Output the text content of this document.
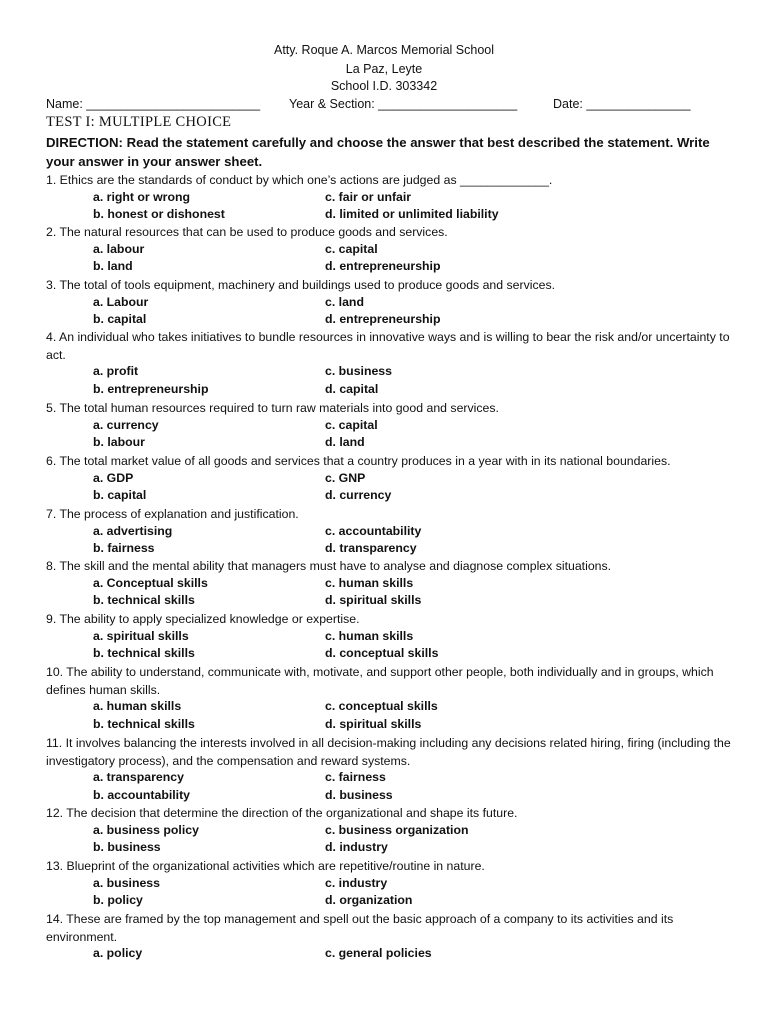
Atty. Roque A. Marcos Memorial School
La Paz, Leyte
School I.D. 303342
Name: _________________________ Year & Section: ____________________	Date: _______________
TEST I: MULTIPLE CHOICE
DIRECTION: Read the statement carefully and choose the answer that best described the statement. Write your answer in your answer sheet.
1. Ethics are the standards of conduct by which one’s actions are judged as _____________.
a. right or wrong	c. fair or unfair
b. honest or dishonest	d. limited or unlimited liability
2. The natural resources that can be used to produce goods and services.
a. labour	c. capital
b. land	d. entrepreneurship
3. The total of tools equipment, machinery and buildings used to produce goods and services.
a. Labour	c. land
b. capital	d. entrepreneurship
4. An individual who takes initiatives to bundle resources in innovative ways and is willing to bear the risk and/or uncertainty to act.
a. profit	c. business
b. entrepreneurship	d. capital
5. The total human resources required to turn raw materials into good and services.
a. currency	c. capital
b. labour	d. land
6. The total market value of all goods and services that a country produces in a year with in its national boundaries.
a. GDP	c. GNP
b. capital	d. currency
7. The process of explanation and justification.
a. advertising	c. accountability
b. fairness	d. transparency
8. The skill and the mental ability that managers must have to analyse and diagnose complex situations.
a. Conceptual skills	c. human skills
b. technical skills	d. spiritual skills
9. The ability to apply specialized knowledge or expertise.
a. spiritual skills	c. human skills
b. technical skills	d. conceptual skills
10. The ability to understand, communicate with, motivate, and support other people, both individually and in groups, which defines human skills.
a. human skills	c. conceptual skills
b. technical skills	d. spiritual skills
11. It involves balancing the interests involved in all decision-making including any decisions related hiring, firing (including the investigatory process), and the compensation and reward systems.
a. transparency	c. fairness
b. accountability	d. business
12. The decision that determine the direction of the organizational and shape its future.
a. business policy	c. business organization
b. business	d. industry
13. Blueprint of the organizational activities which are repetitive/routine in nature.
a. business	c. industry
b. policy	d. organization
14. These are framed by the top management and spell out the basic approach of a company to its activities and its environment.
a. policy	c. general policies
